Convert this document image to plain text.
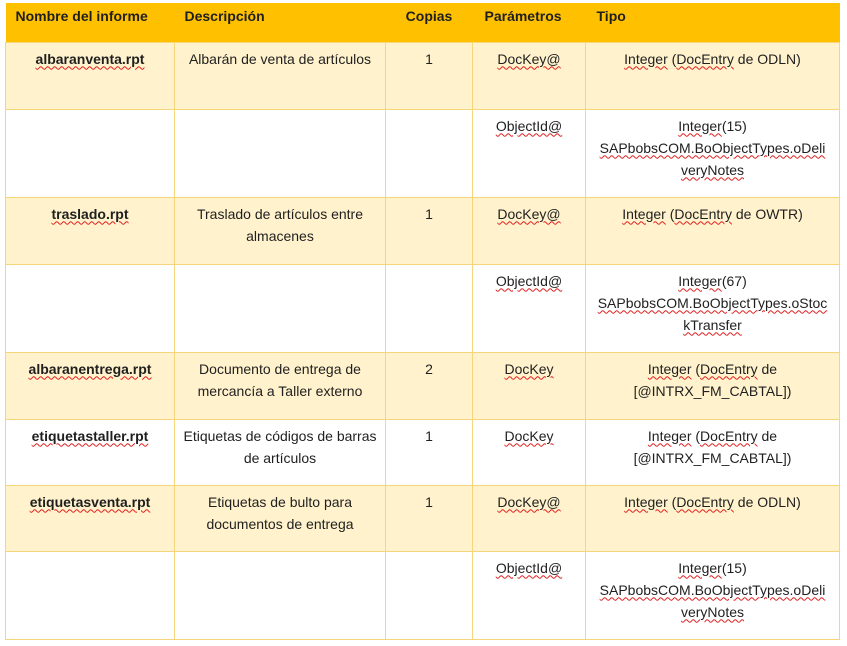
Nombre del informe	Descripción	Copias	Parámetros	Tipo
albaranventa.rpt	Albarán de venta de artículos	1	DocKey@	Integer (DocEntry de ODLN)

			ObjectId@	Integer(15)
SAPbobsCOM.BoObjectTypes.oDeli
veryNotes

traslado.rpt	Traslado de artículos entre almacenes	1	DocKey@	Integer (DocEntry de OWTR)

			ObjectId@	Integer(67)
SAPbobsCOM.BoObjectTypes.oStoc
kTransfer

albaranentrega.rpt	Documento de entrega de mercancía a Taller externo	2	DocKey	Integer (DocEntry de
[@INTRX_FM_CABTAL])

etiquetastaller.rpt	Etiquetas de códigos de barras de artículos	1	DocKey	Integer (DocEntry de
[@INTRX_FM_CABTAL])

etiquetasventa.rpt	Etiquetas de bulto para documentos de entrega	1	DocKey@	Integer (DocEntry de ODLN)

			ObjectId@	Integer(15)
SAPbobsCOM.BoObjectTypes.oDeli
veryNotes
